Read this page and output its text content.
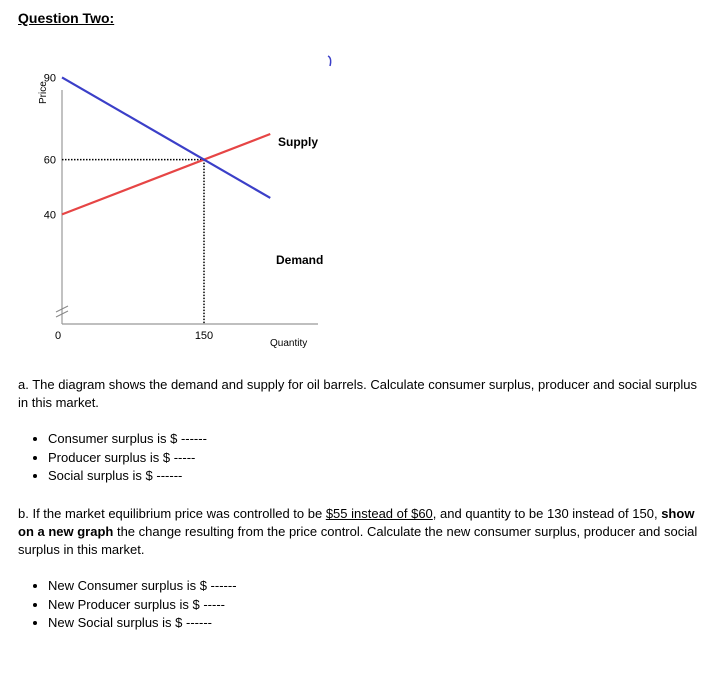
Question Two:
Supply
Demand
90
60
40
0	150
Price
Quantity
a. The diagram shows the demand and supply for oil barrels. Calculate consumer surplus, producer and social surplus in this market.
• Consumer surplus is $ ------
• Producer surplus is $ -----
• Social surplus is $ ------
b. If the market equilibrium price was controlled to be $55 instead of $60, and quantity to be 130 instead of 150, show on a new graph the change resulting from the price control. Calculate the new consumer surplus, producer and social surplus in this market.
• New Consumer surplus is $ ------
• New Producer surplus is $ -----
• New Social surplus is $ ------
